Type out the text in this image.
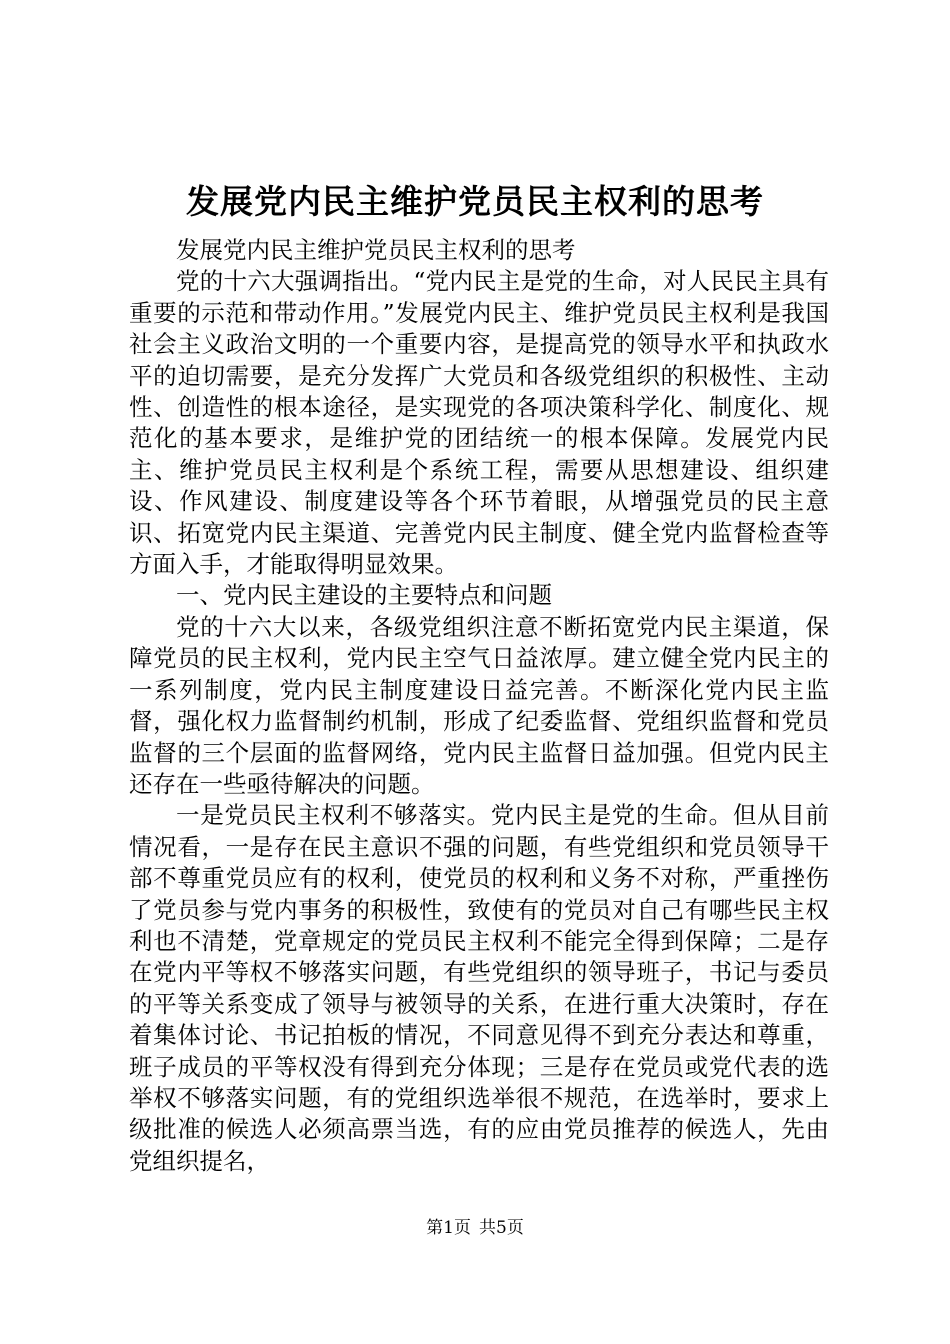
发展党内民主维护党员民主权利的思考

发展党内民主维护党员民主权利的思考

党的十六大强调指出。“党内民主是党的生命，对人民民主具有重要的示范和带动作用。”发展党内民主、维护党员民主权利是我国社会主义政治文明的一个重要内容，是提高党的领导水平和执政水平的迫切需要，是充分发挥广大党员和各级党组织的积极性、主动性、创造性的根本途径，是实现党的各项决策科学化、制度化、规范化的基本要求，是维护党的团结统一的根本保障。发展党内民主、维护党员民主权利是个系统工程，需要从思想建设、组织建设、作风建设、制度建设等各个环节着眼，从增强党员的民主意识、拓宽党内民主渠道、完善党内民主制度、健全党内监督检查等方面入手，才能取得明显效果。

一、党内民主建设的主要特点和问题

党的十六大以来，各级党组织注意不断拓宽党内民主渠道，保障党员的民主权利，党内民主空气日益浓厚。建立健全党内民主的一系列制度，党内民主制度建设日益完善。不断深化党内民主监督，强化权力监督制约机制，形成了纪委监督、党组织监督和党员监督的三个层面的监督网络，党内民主监督日益加强。但党内民主还存在一些亟待解决的问题。

一是党员民主权利不够落实。党内民主是党的生命。但从目前情况看，一是存在民主意识不强的问题，有些党组织和党员领导干部不尊重党员应有的权利，使党员的权利和义务不对称，严重挫伤了党员参与党内事务的积极性，致使有的党员对自己有哪些民主权利也不清楚，党章规定的党员民主权利不能完全得到保障；二是存在党内平等权不够落实问题，有些党组织的领导班子，书记与委员的平等关系变成了领导与被领导的关系，在进行重大决策时，存在着集体讨论、书记拍板的情况，不同意见得不到充分表达和尊重，班子成员的平等权没有得到充分体现；三是存在党员或党代表的选举权不够落实问题，有的党组织选举很不规范，在选举时，要求上级批准的候选人必须高票当选，有的应由党员推荐的候选人，先由党组织提名，

第1页 共5页
